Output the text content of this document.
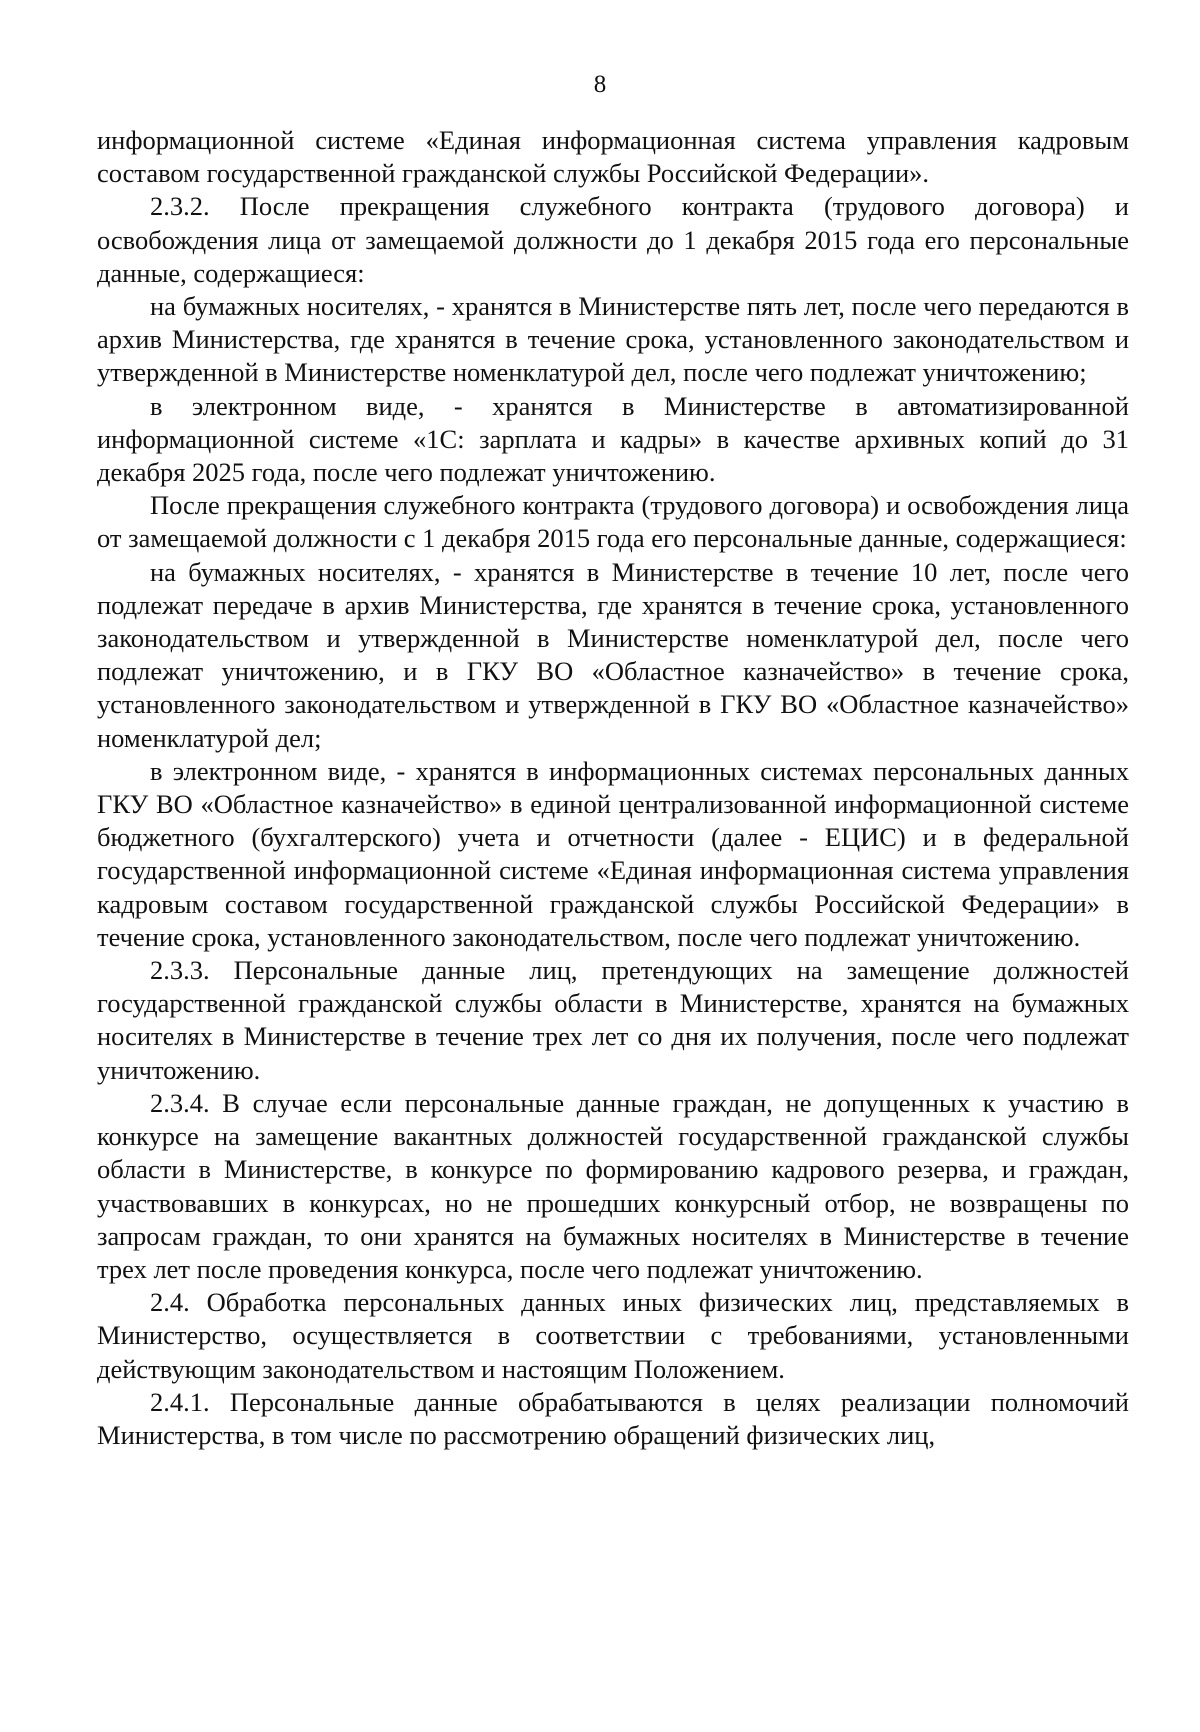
8

информационной системе «Единая информационная система управления кадровым составом государственной гражданской службы Российской Федерации».

2.3.2. После прекращения служебного контракта (трудового договора) и освобождения лица от замещаемой должности до 1 декабря 2015 года его персональные данные, содержащиеся:

на бумажных носителях, - хранятся в Министерстве пять лет, после чего передаются в архив Министерства, где хранятся в течение срока, установленного законодательством и утвержденной в Министерстве номенклатурой дел, после чего подлежат уничтожению;

в электронном виде, - хранятся в Министерстве в автоматизированной информационной системе «1С: зарплата и кадры» в качестве архивных копий до 31 декабря 2025 года, после чего подлежат уничтожению.

После прекращения служебного контракта (трудового договора) и освобождения лица от замещаемой должности с 1 декабря 2015 года его персональные данные, содержащиеся:

на бумажных носителях, - хранятся в Министерстве в течение 10 лет, после чего подлежат передаче в архив Министерства, где хранятся в течение срока, установленного законодательством и утвержденной в Министерстве номенклатурой дел, после чего подлежат уничтожению, и в ГКУ ВО «Областное казначейство» в течение срока, установленного законодательством и утвержденной в ГКУ ВО «Областное казначейство» номенклатурой дел;

в электронном виде, - хранятся в информационных системах персональных данных ГКУ ВО «Областное казначейство» в единой централизованной информационной системе бюджетного (бухгалтерского) учета и отчетности (далее - ЕЦИС) и в федеральной государственной информационной системе «Единая информационная система управления кадровым составом государственной гражданской службы Российской Федерации» в течение срока, установленного законодательством, после чего подлежат уничтожению.

2.3.3. Персональные данные лиц, претендующих на замещение должностей государственной гражданской службы области в Министерстве, хранятся на бумажных носителях в Министерстве в течение трех лет со дня их получения, после чего подлежат уничтожению.

2.3.4. В случае если персональные данные граждан, не допущенных к участию в конкурсе на замещение вакантных должностей государственной гражданской службы области в Министерстве, в конкурсе по формированию кадрового резерва, и граждан, участвовавших в конкурсах, но не прошедших конкурсный отбор, не возвращены по запросам граждан, то они хранятся на бумажных носителях в Министерстве в течение трех лет после проведения конкурса, после чего подлежат уничтожению.

2.4. Обработка персональных данных иных физических лиц, представляемых в Министерство, осуществляется в соответствии с требованиями, установленными действующим законодательством и настоящим Положением.

2.4.1. Персональные данные обрабатываются в целях реализации полномочий Министерства, в том числе по рассмотрению обращений физических лиц,
